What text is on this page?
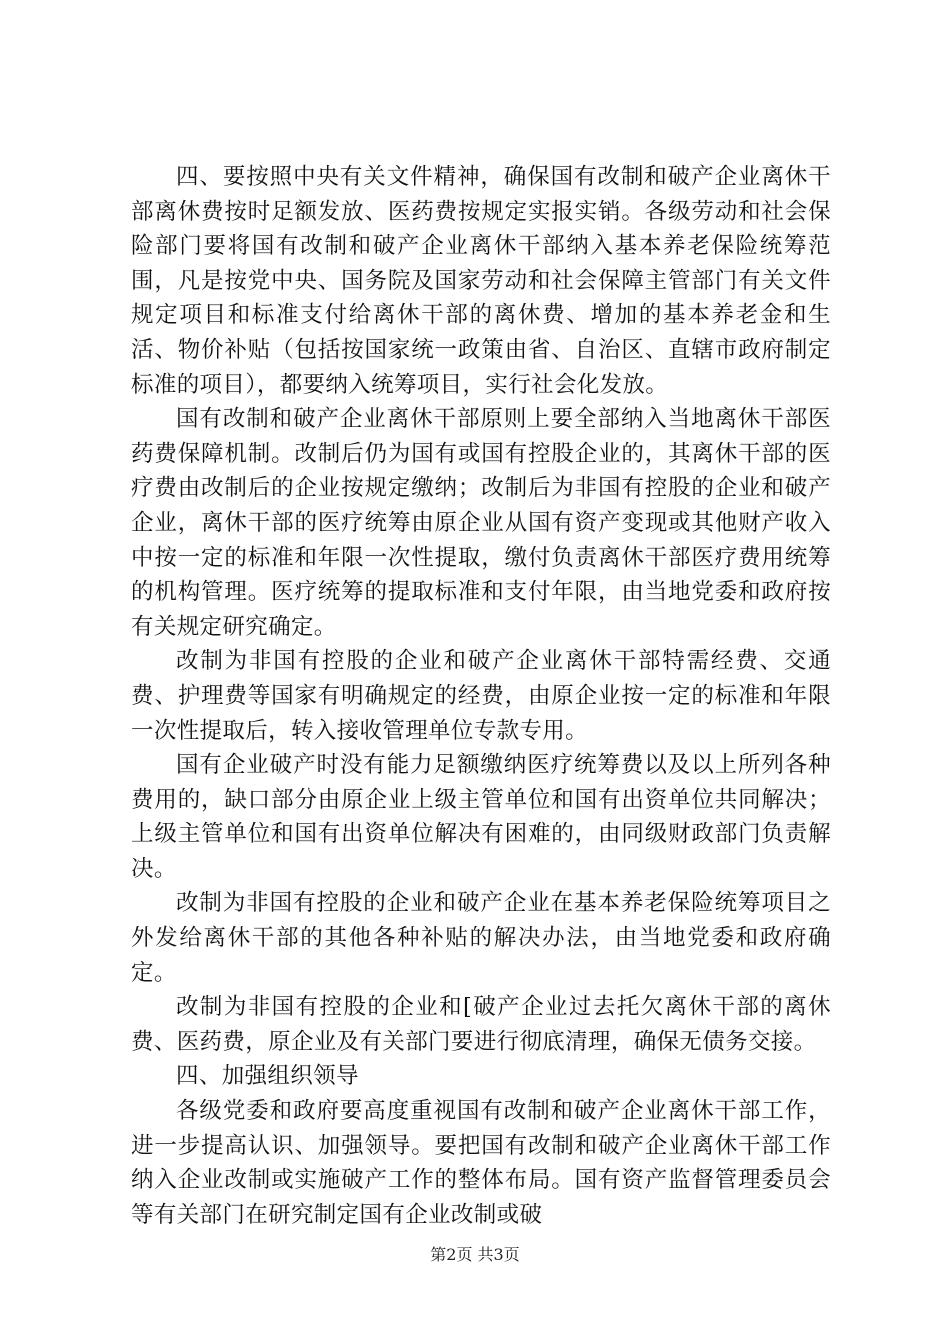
四、要按照中央有关文件精神，确保国有改制和破产企业离休干部离休费按时足额发放、医药费按规定实报实销。各级劳动和社会保险部门要将国有改制和破产企业离休干部纳入基本养老保险统筹范围，凡是按党中央、国务院及国家劳动和社会保障主管部门有关文件规定项目和标准支付给离休干部的离休费、增加的基本养老金和生活、物价补贴（包括按国家统一政策由省、自治区、直辖市政府制定标准的项目），都要纳入统筹项目，实行社会化发放。

国有改制和破产企业离休干部原则上要全部纳入当地离休干部医药费保障机制。改制后仍为国有或国有控股企业的，其离休干部的医疗费由改制后的企业按规定缴纳；改制后为非国有控股的企业和破产企业，离休干部的医疗统筹由原企业从国有资产变现或其他财产收入中按一定的标准和年限一次性提取，缴付负责离休干部医疗费用统筹的机构管理。医疗统筹的提取标准和支付年限，由当地党委和政府按有关规定研究确定。

改制为非国有控股的企业和破产企业离休干部特需经费、交通费、护理费等国家有明确规定的经费，由原企业按一定的标准和年限一次性提取后，转入接收管理单位专款专用。

国有企业破产时没有能力足额缴纳医疗统筹费以及以上所列各种费用的，缺口部分由原企业上级主管单位和国有出资单位共同解决；上级主管单位和国有出资单位解决有困难的，由同级财政部门负责解决。

改制为非国有控股的企业和破产企业在基本养老保险统筹项目之外发给离休干部的其他各种补贴的解决办法，由当地党委和政府确定。

改制为非国有控股的企业和[破产企业过去托欠离休干部的离休费、医药费，原企业及有关部门要进行彻底清理，确保无债务交接。

四、加强组织领导

各级党委和政府要高度重视国有改制和破产企业离休干部工作，进一步提高认识、加强领导。要把国有改制和破产企业离休干部工作纳入企业改制或实施破产工作的整体布局。国有资产监督管理委员会等有关部门在研究制定国有企业改制或破

第2页 共3页
